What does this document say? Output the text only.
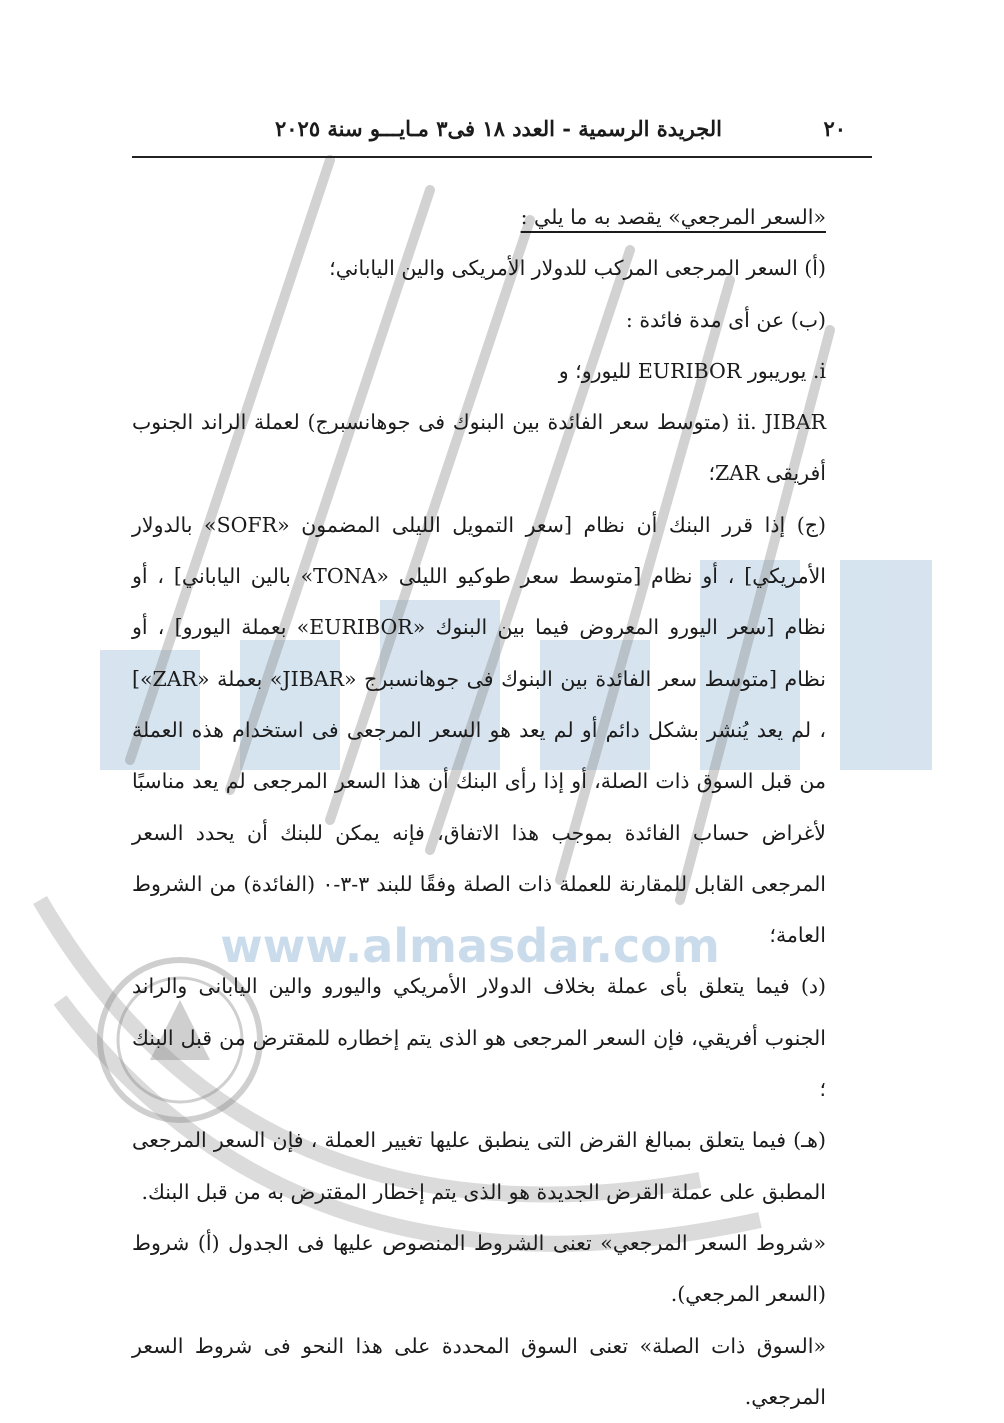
www.almasdar.com
٢٠
الجريدة الرسمية - العدد ١٨ فى٣ مـايـــو سنة ٢٠٢٥

«السعر المرجعي» يقصد به ما يلي :

(أ) السعر المرجعى المركب للدولار الأمريكى والين الياباني؛

(ب) عن أى مدة فائدة :

i. يوريبور EURIBOR لليورو؛ و

ii. JIBAR (متوسط سعر الفائدة بين البنوك فى جوهانسبرج) لعملة الراند الجنوب أفريقى ZAR؛

(ج) إذا قرر البنك أن نظام [سعر التمويل الليلى المضمون «SOFR» بالدولار الأمريكي] ، أو نظام [متوسط سعر طوكيو الليلى «TONA» بالين الياباني] ، أو نظام [سعر اليورو المعروض فيما بين البنوك «EURIBOR» بعملة اليورو] ، أو نظام [متوسط سعر الفائدة بين البنوك فى جوهانسبرج «JIBAR» بعملة «ZAR»] ، لم يعد يُنشر بشكل دائم أو لم يعد هو السعر المرجعى فى استخدام هذه العملة من قبل السوق ذات الصلة، أو إذا رأى البنك أن هذا السعر المرجعى لم يعد مناسبًا لأغراض حساب الفائدة بموجب هذا الاتفاق، فإنه يمكن للبنك أن يحدد السعر المرجعى القابل للمقارنة للعملة ذات الصلة وفقًا للبند ٣-٣-٠ (الفائدة) من الشروط العامة؛

(د) فيما يتعلق بأى عملة بخلاف الدولار الأمريكي واليورو والين اليابانى والراند الجنوب أفريقي، فإن السعر المرجعى هو الذى يتم إخطاره للمقترض من قبل البنك ؛

(هـ) فيما يتعلق بمبالغ القرض التى ينطبق عليها تغيير العملة ، فإن السعر المرجعى المطبق على عملة القرض الجديدة هو الذى يتم إخطار المقترض به من قبل البنك.

«شروط السعر المرجعي» تعنى الشروط المنصوص عليها فى الجدول (أ) شروط (السعر المرجعي).

«السوق ذات الصلة» تعنى السوق المحددة على هذا النحو فى شروط السعر المرجعي.
